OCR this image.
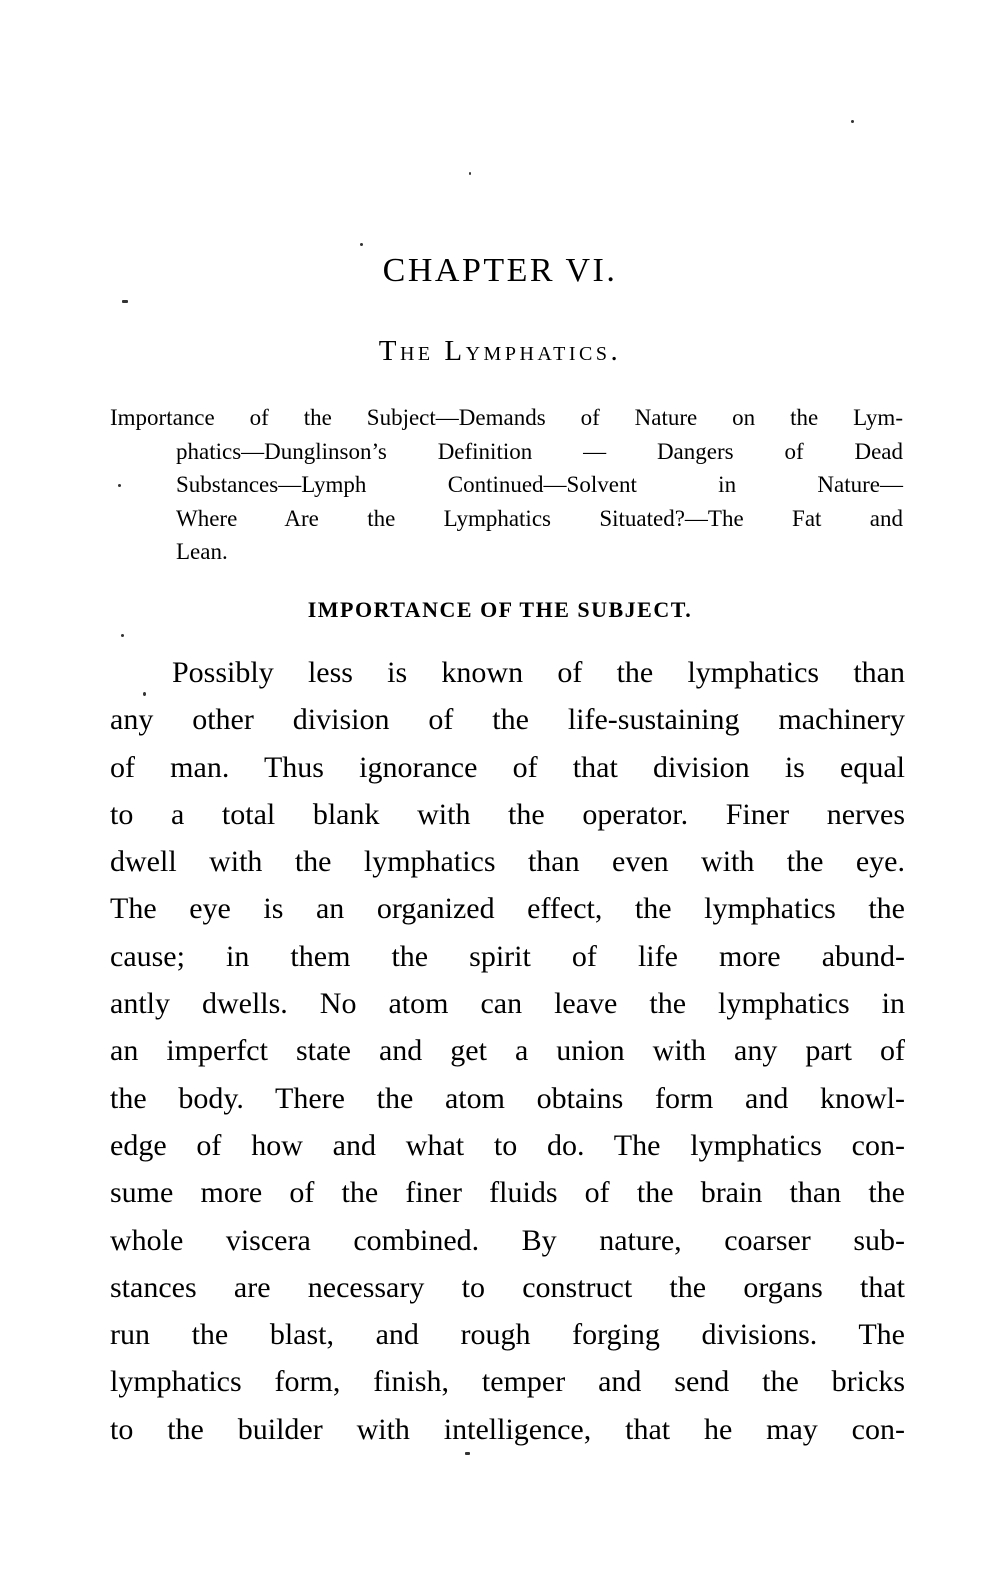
CHAPTER VI.
The Lymphatics.
Importance of the Subject—Demands of Nature on the Lym-
phatics—Dunglinson’s Definition — Dangers of Dead
Substances—Lymph Continued—Solvent in Nature—
Where Are the Lymphatics Situated?—The Fat and
Lean.
IMPORTANCE OF THE SUBJECT.
Possibly less is known of the lymphatics than
any other division of the life-sustaining machinery
of man. Thus ignorance of that division is equal
to a total blank with the operator. Finer nerves
dwell with the lymphatics than even with the eye.
The eye is an organized effect, the lymphatics the
cause; in them the spirit of life more abund-
antly dwells. No atom can leave the lymphatics in
an imperfct state and get a union with any part of
the body. There the atom obtains form and knowl-
edge of how and what to do. The lymphatics con-
sume more of the finer fluids of the brain than the
whole viscera combined. By nature, coarser sub-
stances are necessary to construct the organs that
run the blast, and rough forging divisions. The
lymphatics form, finish, temper and send the bricks
to the builder with intelligence, that he may con-
